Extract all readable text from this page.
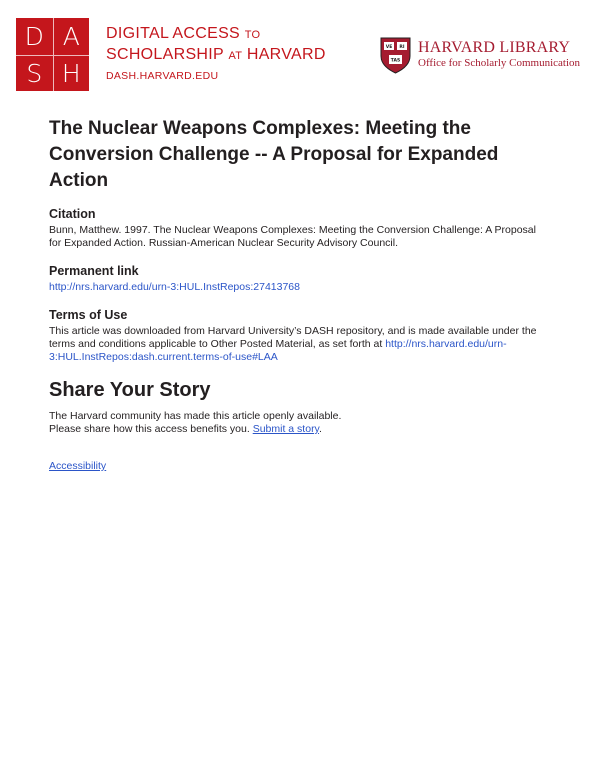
D A
S H
DIGITAL ACCESS TO
SCHOLARSHIP AT HARVARD
DASH.HARVARD.EDU
VE RI
TAS
HARVARD LIBRARY
Office for Scholarly Communication
The Nuclear Weapons Complexes: Meeting the Conversion Challenge -- A Proposal for Expanded Action
Citation
Bunn, Matthew. 1997. The Nuclear Weapons Complexes: Meeting the Conversion Challenge: A Proposal for Expanded Action. Russian-American Nuclear Security Advisory Council.
Permanent link
http://nrs.harvard.edu/urn-3:HUL.InstRepos:27413768
Terms of Use
This article was downloaded from Harvard University’s DASH repository, and is made available under the terms and conditions applicable to Other Posted Material, as set forth at http://nrs.harvard.edu/urn-3:HUL.InstRepos:dash.current.terms-of-use#LAA
Share Your Story
The Harvard community has made this article openly available.
Please share how this access benefits you. Submit a story.
Accessibility
